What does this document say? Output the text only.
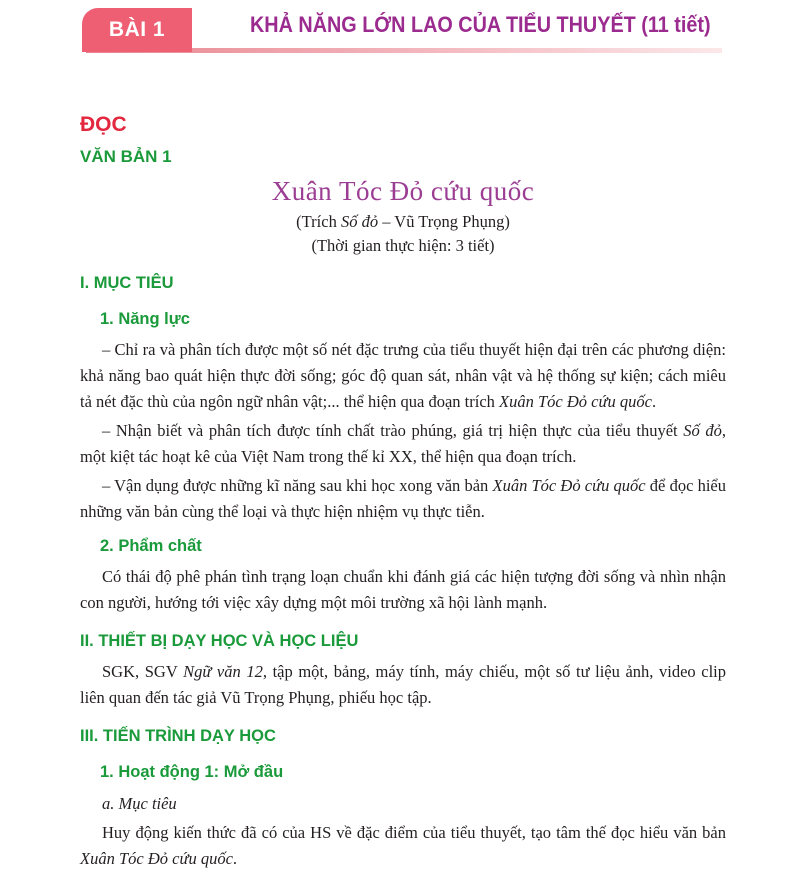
BÀI 1	KHẢ NĂNG LỚN LAO CỦA TIỂU THUYẾT (11 tiết)
ĐỌC
VĂN BẢN 1
Xuân Tóc Đỏ cứu quốc
(Trích Số đỏ – Vũ Trọng Phụng)
(Thời gian thực hiện: 3 tiết)
I. MỤC TIÊU
1. Năng lực
– Chỉ ra và phân tích được một số nét đặc trưng của tiểu thuyết hiện đại trên các phương diện: khả năng bao quát hiện thực đời sống; góc độ quan sát, nhân vật và hệ thống sự kiện; cách miêu tả nét đặc thù của ngôn ngữ nhân vật;... thể hiện qua đoạn trích Xuân Tóc Đỏ cứu quốc.
– Nhận biết và phân tích được tính chất trào phúng, giá trị hiện thực của tiểu thuyết Số đỏ, một kiệt tác hoạt kê của Việt Nam trong thế kỉ XX, thể hiện qua đoạn trích.
– Vận dụng được những kĩ năng sau khi học xong văn bản Xuân Tóc Đỏ cứu quốc để đọc hiểu những văn bản cùng thể loại và thực hiện nhiệm vụ thực tiễn.
2. Phẩm chất
Có thái độ phê phán tình trạng loạn chuẩn khi đánh giá các hiện tượng đời sống và nhìn nhận con người, hướng tới việc xây dựng một môi trường xã hội lành mạnh.
II. THIẾT BỊ DẠY HỌC VÀ HỌC LIỆU
SGK, SGV Ngữ văn 12, tập một, bảng, máy tính, máy chiếu, một số tư liệu ảnh, video clip liên quan đến tác giả Vũ Trọng Phụng, phiếu học tập.
III. TIẾN TRÌNH DẠY HỌC
1. Hoạt động 1: Mở đầu
a. Mục tiêu
Huy động kiến thức đã có của HS về đặc điểm của tiểu thuyết, tạo tâm thế đọc hiểu văn bản Xuân Tóc Đỏ cứu quốc.
